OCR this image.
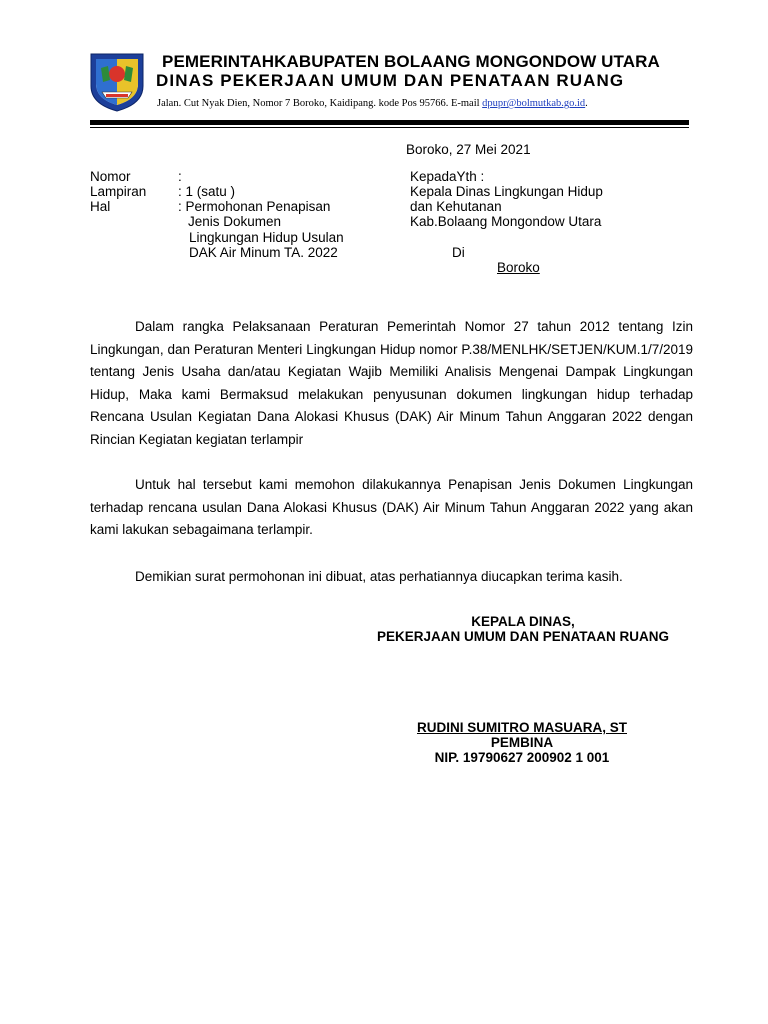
PEMERINTAHKABUPATEN BOLAANG MONGONDOW UTARA
DINAS PEKERJAAN UMUM DAN PENATAAN RUANG
Jalan. Cut Nyak Dien, Nomor 7 Boroko, Kaidipang. kode Pos 95766. E-mail dpupr@bolmutkab.go.id.
Boroko, 27 Mei 2021
Nomor	:
Lampiran : 1 (satu )
Hal	: Permohonan Penapisan
Jenis Dokumen
Lingkungan Hidup Usulan
DAK Air Minum TA. 2022
KepadaYth :
Kepala Dinas Lingkungan Hidup
dan Kehutanan
Kab.Bolaang Mongondow Utara
Di
Boroko
Dalam rangka Pelaksanaan Peraturan Pemerintah Nomor 27 tahun 2012 tentang Izin Lingkungan, dan Peraturan Menteri Lingkungan Hidup nomor P.38/MENLHK/SETJEN/KUM.1/7/2019 tentang Jenis Usaha dan/atau Kegiatan Wajib Memiliki Analisis Mengenai Dampak Lingkungan Hidup, Maka kami Bermaksud melakukan penyusunan dokumen lingkungan hidup terhadap Rencana Usulan Kegiatan Dana Alokasi Khusus (DAK) Air Minum Tahun Anggaran 2022 dengan Rincian Kegiatan kegiatan terlampir
Untuk hal tersebut kami memohon dilakukannya Penapisan Jenis Dokumen Lingkungan terhadap rencana usulan Dana Alokasi Khusus (DAK) Air Minum Tahun Anggaran 2022 yang akan kami lakukan sebagaimana terlampir.
Demikian surat permohonan ini dibuat, atas perhatiannya diucapkan terima kasih.
KEPALA DINAS,
PEKERJAAN UMUM DAN PENATAAN RUANG
RUDINI SUMITRO MASUARA, ST
PEMBINA
NIP. 19790627 200902 1 001
